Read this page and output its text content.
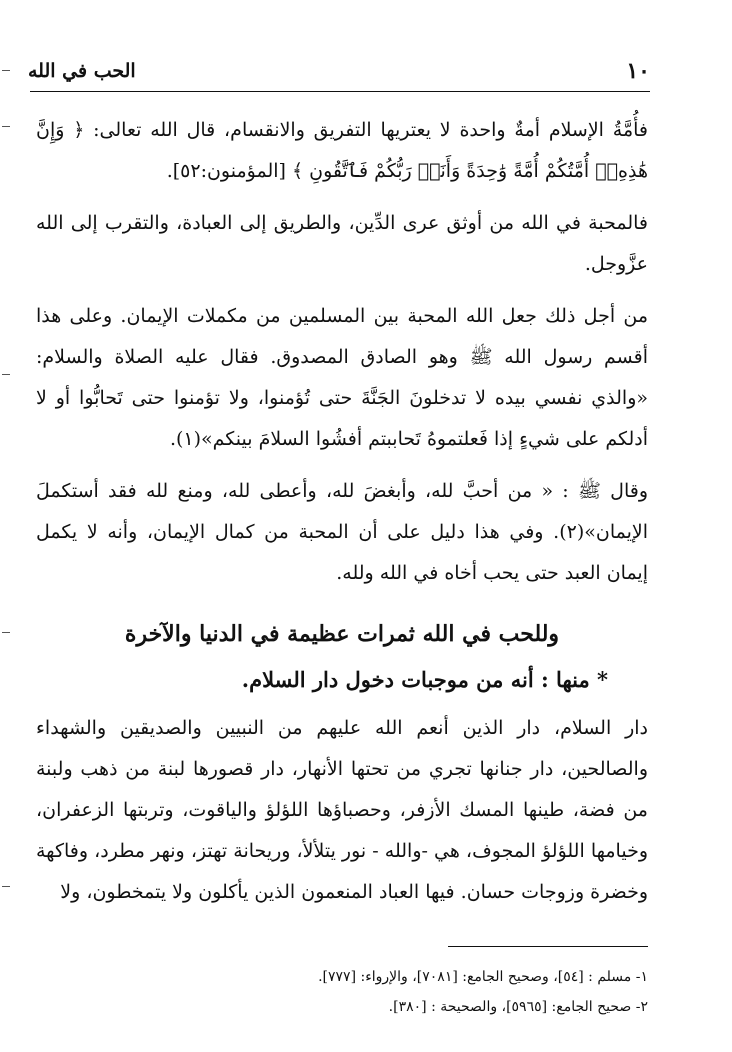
الحب في الله	١٠

فأُمَّةُ الإسلام أمةٌ واحدة لا يعتريها التفريق والانقسام، قال الله تعالى: ﴿ وَإِنَّ هَٰذِهِۦٓ أُمَّتُكُمْ أُمَّةً وَٰحِدَةً وَأَنَا۠ رَبُّكُمْ فَٱتَّقُونِ ﴾ [المؤمنون:٥٢].

فالمحبة في الله من أوثق عرى الدِّين، والطريق إلى العبادة، والتقرب إلى الله عزَّوجل.

من أجل ذلك جعل الله المحبة بين المسلمين من مكملات الإيمان. وعلى هذا أقسم رسول الله ﷺ وهو الصادق المصدوق. فقال عليه الصلاة والسلام: «والذي نفسي بيده لا تدخلونَ الجَنَّةَ حتى تُؤمنوا، ولا تؤمنوا حتى تَحابُّوا أو لا أدلكم على شيءٍ إذا فَعلتموهُ تَحاببتم أفشُوا السلامَ بينكم»(١).

وقال ﷺ : « من أحبَّ لله، وأبغضَ لله، وأعطى لله، ومنع لله فقد أستكملَ الإيمان»(٢). وفي هذا دليل على أن المحبة من كمال الإيمان، وأنه لا يكمل إيمان العبد حتى يحب أخاه في الله ولله.

وللحب في الله ثمرات عظيمة في الدنيا والآخرة
* منها : أنه من موجبات دخول دار السلام.

دار السلام، دار الذين أنعم الله عليهم من النبيين والصديقين والشهداء والصالحين، دار جنانها تجري من تحتها الأنهار، دار قصورها لبنة من ذهب ولبنة من فضة، طينها المسك الأزفر، وحصباؤها اللؤلؤ والياقوت، وتربتها الزعفران، وخيامها اللؤلؤ المجوف، هي -والله - نور يتلألأ، وريحانة تهتز، ونهر مطرد، وفاكهة وخضرة وزوجات حسان. فيها العباد المنعمون الذين يأكلون ولا يتمخطون، ولا

١- مسلم : [٥٤]، وصحيح الجامع: [٧٠٨١]، والإرواء: [٧٧٧].

٢- صحيح الجامع: [٥٩٦٥]، والصحيحة : [٣٨٠].
